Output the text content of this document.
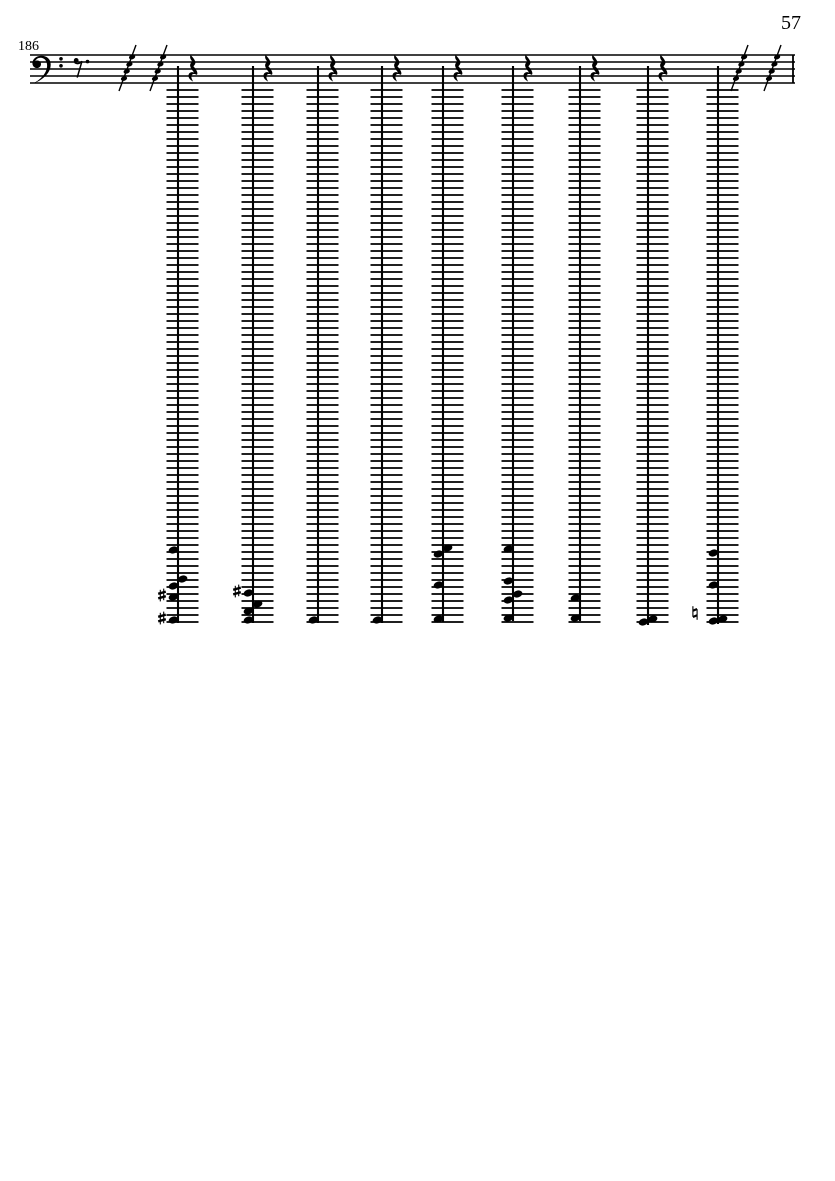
57
186
